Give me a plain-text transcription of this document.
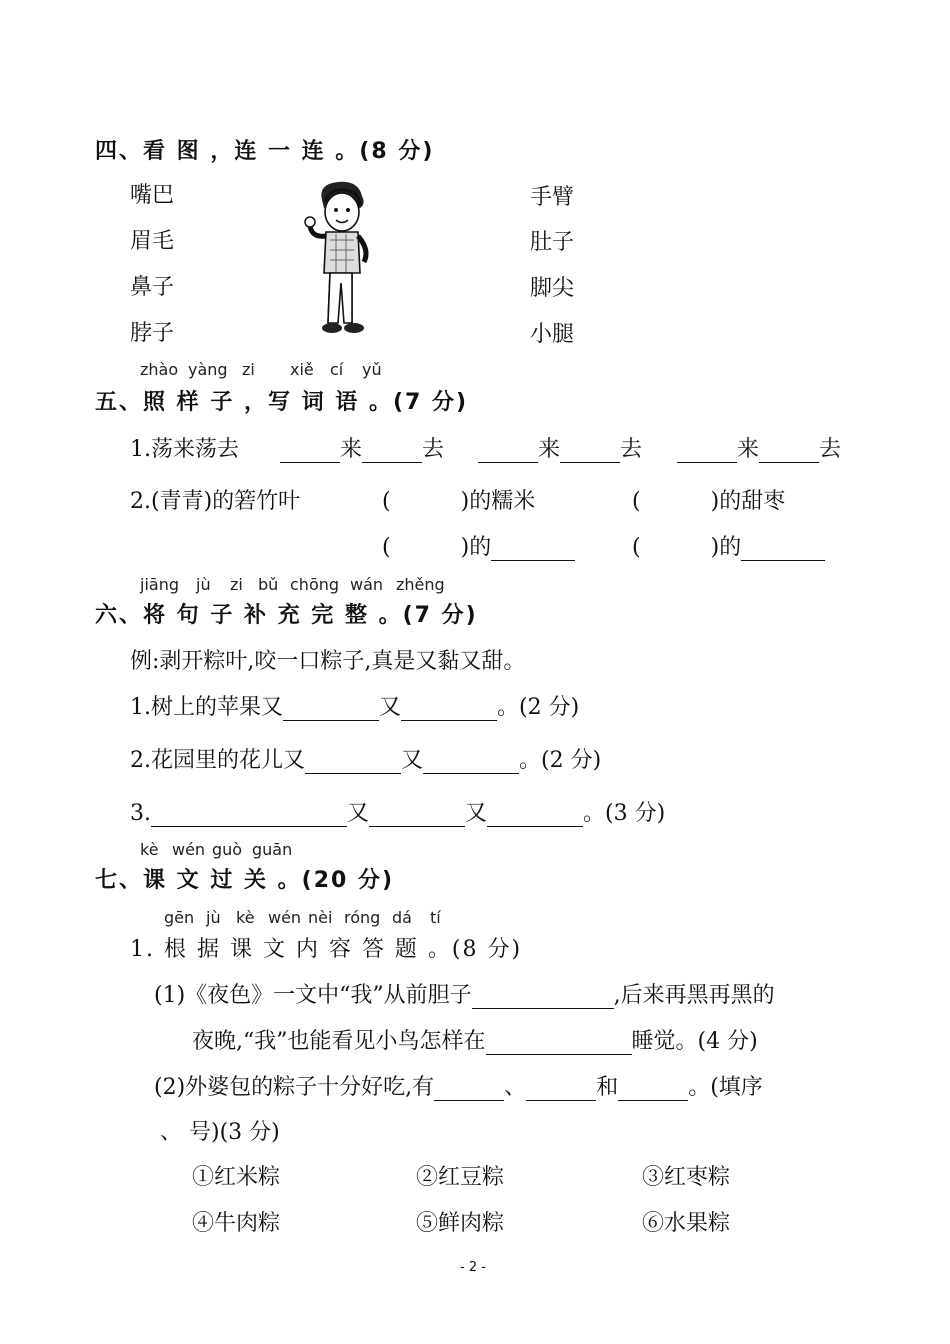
四、看 图 ，连 一 连 。(8 分)
嘴巴
眉毛
鼻子
脖子
手臂
肚子
脚尖
小腿
zhào yàng zi xiě cí yǔ
五、照 样 子 ，写 词 语 。(7 分)
1.荡来荡去	来	去	来	去	来	去
2.(青青)的箬竹叶	(	)的糯米	(	)的甜枣
(	)的	(	)的
jiāng jù zi bǔ chōng wán zhěng
六、将 句 子 补 充 完 整 。(7 分)
例:剥开粽叶,咬一口粽子,真是又黏又甜。
1.树上的苹果又	又	。(2 分)
2.花园里的花儿又	又	。(2 分)
3.	又	又	。(3 分)
kè wén guò guān
七、课 文 过 关 。(20 分)
gēn jù kè wén nèi róng dá tí
1. 根 据 课 文 内 容 答 题 。(8 分)
(1)《夜色》一文中“我”从前胆子	,后来再黑再黑的
夜晚,“我”也能看见小鸟怎样在	睡觉。(4 分)
(2)外婆包的粽子十分好吃,有	、	和	。(填序
、 号)(3 分)
①红米粽	②红豆粽	③红枣粽
④牛肉粽	⑤鲜肉粽	⑥水果粽
- 2 -
